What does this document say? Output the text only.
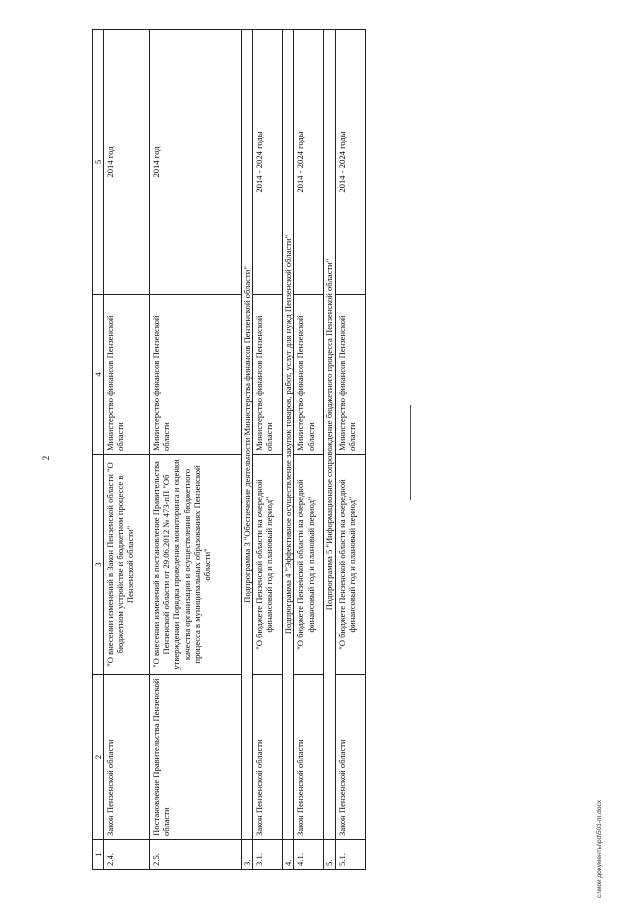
2
1	2	3	4	5
2.4.	Закон Пензенской области	"О внесении изменений в Закон Пензенской области "О бюджетном устройстве и бюджетном процессе в Пензенской области"	Министерство финансов Пензенской области	2014 год
2.5.	Постановление Правительства Пензенской области	"О внесении изменений в постановление Правительства Пензенской области от 29.06.2012 № 473-пП "Об утверждении Порядка проведения мониторинга и оценки качества организации и осуществления бюджетного процесса в муниципальных образованиях Пензенской области"	Министерство финансов Пензенской области	2014 год
3.	Подпрограмма 3 "Обеспечение деятельности Министерства финансов Пензенской области"			
3.1.	Закон Пензенской области	"О бюджете Пензенской области на очередной финансовый год и плановый период"	Министерство финансов Пензенской области	2014 - 2024 годы
4.	Подпрограмма 4 "Эффективное осуществление закупок товаров, работ, услуг для нужд Пензенской области"			
4.1.	Закон Пензенской области	"О бюджете Пензенской области на очередной финансовый год и плановый период"	Министерство финансов Пензенской области	2014 - 2024 годы
5.	Подпрограмма 5 "Информационное сопровождение бюджетного процесса Пензенской области"			
5.1.	Закон Пензенской области	"О бюджете Пензенской области на очередной финансовый год и плановый период"	Министерство финансов Пензенской области	2014 - 2024 годы
c:\мои документы\рd\501-m.docx
